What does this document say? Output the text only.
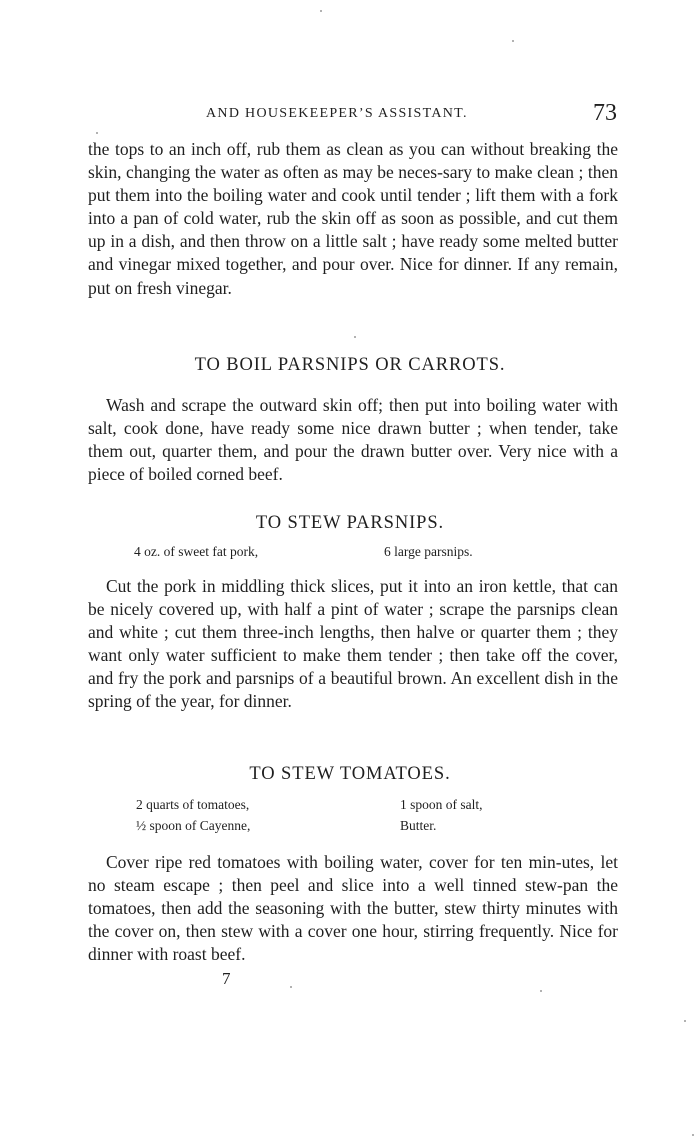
AND HOUSEKEEPER’S ASSISTANT.	73

the tops to an inch off, rub them as clean as you can without breaking the skin, changing the water as often as may be neces-sary to make clean ; then put them into the boiling water and cook until tender ; lift them with a fork into a pan of cold water, rub the skin off as soon as possible, and cut them up in a dish, and then throw on a little salt ; have ready some melted butter and vinegar mixed together, and pour over. Nice for dinner. If any remain, put on fresh vinegar.

TO BOIL PARSNIPS OR CARROTS.

Wash and scrape the outward skin off; then put into boiling water with salt, cook done, have ready some nice drawn butter ; when tender, take them out, quarter them, and pour the drawn butter over. Very nice with a piece of boiled corned beef.

TO STEW PARSNIPS.
4 oz. of sweet fat pork,	6 large parsnips.

Cut the pork in middling thick slices, put it into an iron kettle, that can be nicely covered up, with half a pint of water ; scrape the parsnips clean and white ; cut them three-inch lengths, then halve or quarter them ; they want only water sufficient to make them tender ; then take off the cover, and fry the pork and parsnips of a beautiful brown. An excellent dish in the spring of the year, for dinner.

TO STEW TOMATOES.
2 quarts of tomatoes,	1 spoon of salt,
½ spoon of Cayenne,	Butter.

Cover ripe red tomatoes with boiling water, cover for ten min-utes, let no steam escape ; then peel and slice into a well tinned stew-pan the tomatoes, then add the seasoning with the butter, stew thirty minutes with the cover on, then stew with a cover one hour, stirring frequently. Nice for dinner with roast beef.

7
